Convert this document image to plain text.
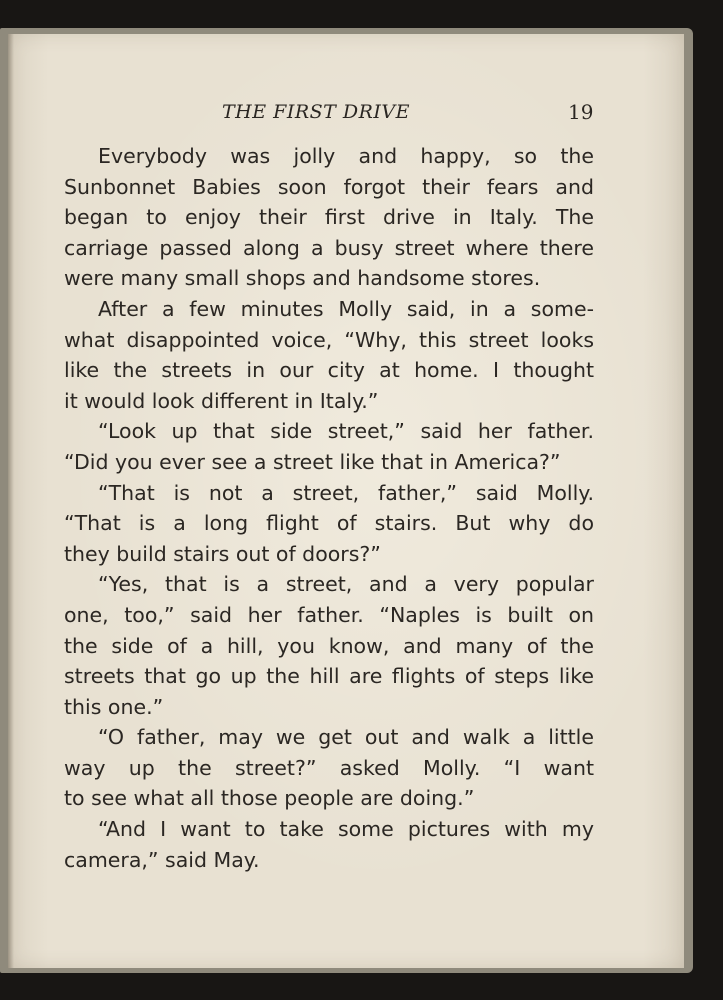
THE FIRST DRIVE	19
Everybody was jolly and happy, so the
Sunbonnet Babies soon forgot their fears and
began to enjoy their first drive in Italy. The
carriage passed along a busy street where there
were many small shops and handsome stores.
After a few minutes Molly said, in a some-
what disappointed voice, “Why, this street looks
like the streets in our city at home. I thought
it would look different in Italy.”
“Look up that side street,” said her father.
“Did you ever see a street like that in America?”
“That is not a street, father,” said Molly.
“That is a long flight of stairs. But why do
they build stairs out of doors?”
“Yes, that is a street, and a very popular
one, too,” said her father. “Naples is built on
the side of a hill, you know, and many of the
streets that go up the hill are flights of steps like
this one.”
“O father, may we get out and walk a little
way up the street?” asked Molly. “I want
to see what all those people are doing.”
“And I want to take some pictures with my
camera,” said May.
